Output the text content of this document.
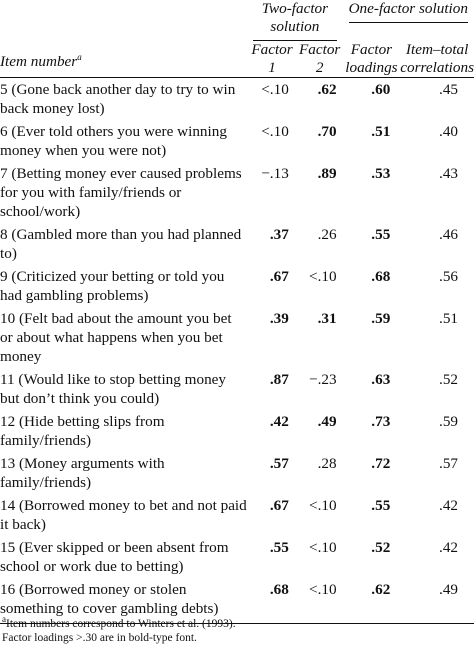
	Two-factor solution		One-factor solution	

Item number$^a$	Factor 1	Factor 2	Factor loadings	Item–total correlations

5 (Gone back another day to try to win back money lost)	<.10	.62	.60	.45
6 (Ever told others you were winning money when you were not)	<.10	.70	.51	.40
7 (Betting money ever caused problems for you with family/friends or school/work)	−.13	.89	.53	.43
8 (Gambled more than you had planned to)	.37	.26	.55	.46
9 (Criticized your betting or told you had gambling problems)	.67	<.10	.68	.56
10 (Felt bad about the amount you bet or about what happens when you bet money	.39	.31	.59	.51
11 (Would like to stop betting money but don’t think you could)	.87	−.23	.63	.52
12 (Hide betting slips from family/friends)	.42	.49	.73	.59
13 (Money arguments with family/friends)	.57	.28	.72	.57
14 (Borrowed money to bet and not paid it back)	.67	<.10	.55	.42
15 (Ever skipped or been absent from school or work due to betting)	.55	<.10	.52	.42
16 (Borrowed money or stolen something to cover gambling debts)	.68	<.10	.62	.49

$^a$Item numbers correspond to Winters et al. (1993).

Factor loadings >.30 are in bold-type font.
